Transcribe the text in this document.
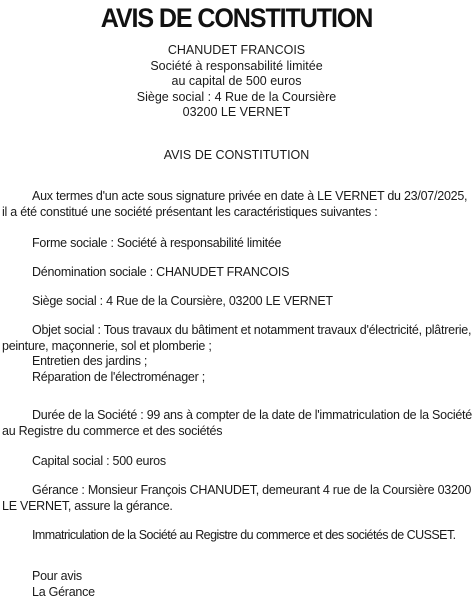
AVIS DE CONSTITUTION
CHANUDET FRANCOIS
Société à responsabilité limitée
au capital de 500 euros
Siège social : 4 Rue de la Coursière
03200 LE VERNET
AVIS DE CONSTITUTION
Aux termes d'un acte sous signature privée en date à LE VERNET du 23/07/2025,
il a été constitué une société présentant les caractéristiques suivantes :
Forme sociale : Société à responsabilité limitée
Dénomination sociale : CHANUDET FRANCOIS
Siège social : 4 Rue de la Coursière, 03200 LE VERNET
Objet social : Tous travaux du bâtiment et notamment travaux d'électricité, plâtrerie,
peinture, maçonnerie, sol et plomberie ;
Entretien des jardins ;
Réparation de l'électroménager ;
Durée de la Société : 99 ans à compter de la date de l'immatriculation de la Société
au Registre du commerce et des sociétés
Capital social : 500 euros
Gérance : Monsieur François CHANUDET, demeurant 4 rue de la Coursière 03200
LE VERNET, assure la gérance.
Immatriculation de la Société au Registre du commerce et des sociétés de CUSSET.
Pour avis
La Gérance
